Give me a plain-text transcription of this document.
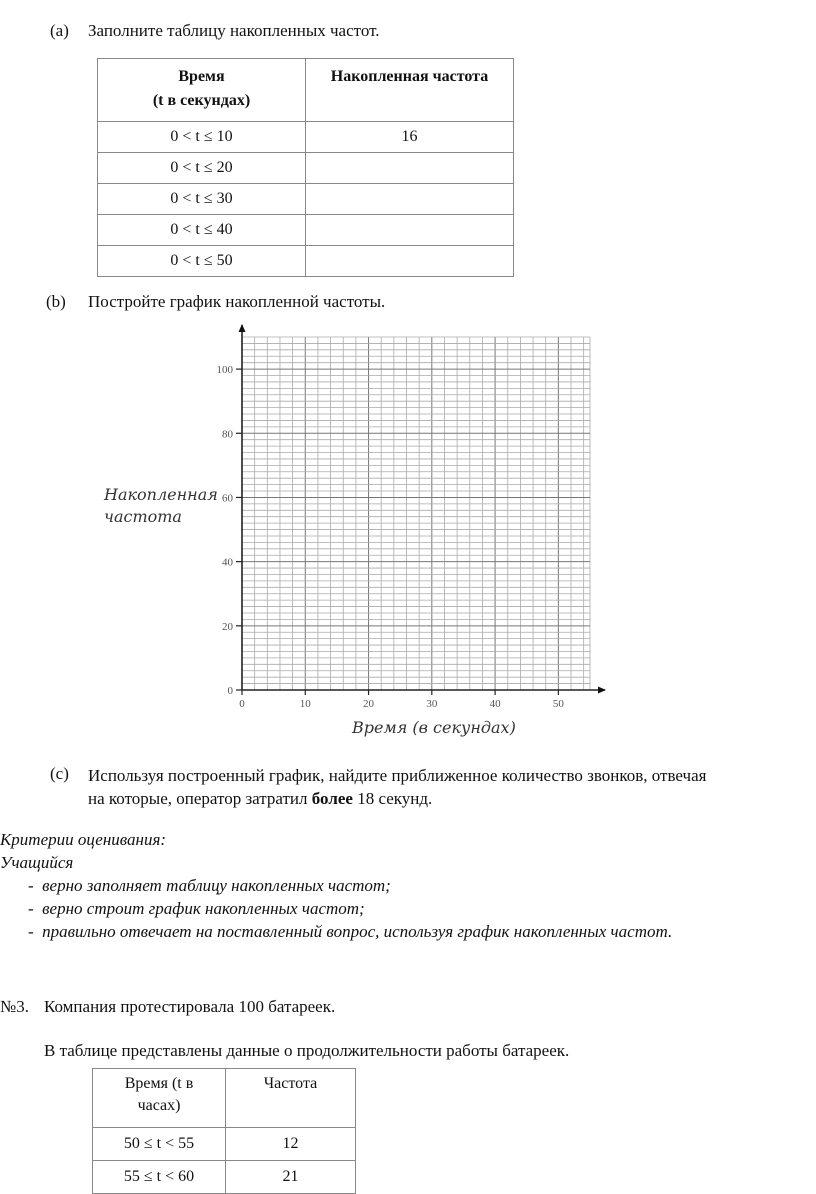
(a) Заполните таблицу накопленных частот.
Время
(t в секундах)	Накопленная частота

0 < t ≤ 10	16
0 < t ≤ 20	
0 < t ≤ 30	
0 < t ≤ 40	
0 < t ≤ 50	
(b) Постройте график накопленной частоты.
Накопленная
частота
Время (в секундах)
0	10	20	30	40	50
0
20
40
60
80
100
(c) Используя построенный график, найдите приближенное количество звонков, отвечая
на которые, оператор затратил более 18 секунд.
Критерии оценивания:
Учащийся
-  верно заполняет таблицу накопленных частот;
-  верно строит график накопленных частот;
-  правильно отвечает на поставленный вопрос, используя график накопленных частот.
№3. Компания протестировала 100 батареек.
В таблице представлены данные о продолжительности работы батареек.
Время (t в
часах)	Частота
50 ≤ t < 55	12
55 ≤ t < 60	21
